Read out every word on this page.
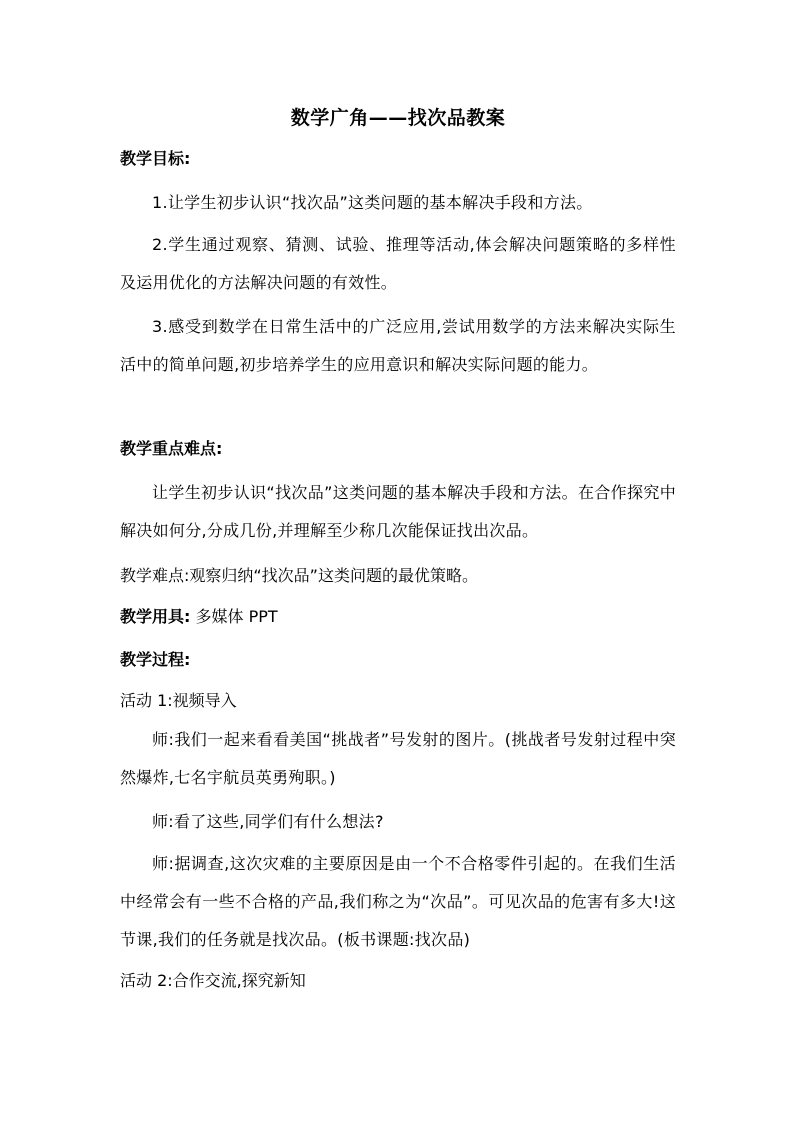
数学广角——找次品教案
教学目标:
1.让学生初步认识“找次品”这类问题的基本解决手段和方法。
2.学生通过观察、猜测、试验、推理等活动,体会解决问题策略的多样性及运用优化的方法解决问题的有效性。
3.感受到数学在日常生活中的广泛应用,尝试用数学的方法来解决实际生活中的简单问题,初步培养学生的应用意识和解决实际问题的能力。
教学重点难点:
让学生初步认识“找次品”这类问题的基本解决手段和方法。在合作探究中解决如何分,分成几份,并理解至少称几次能保证找出次品。
教学难点:观察归纳“找次品”这类问题的最优策略。
教学用具: 多媒体 PPT
教学过程:
活动 1:视频导入
师:我们一起来看看美国“挑战者”号发射的图片。(挑战者号发射过程中突然爆炸,七名宇航员英勇殉职。)
师:看了这些,同学们有什么想法?
师:据调查,这次灾难的主要原因是由一个不合格零件引起的。在我们生活中经常会有一些不合格的产品,我们称之为“次品”。可见次品的危害有多大!这节课,我们的任务就是找次品。(板书课题:找次品)
活动 2:合作交流,探究新知
